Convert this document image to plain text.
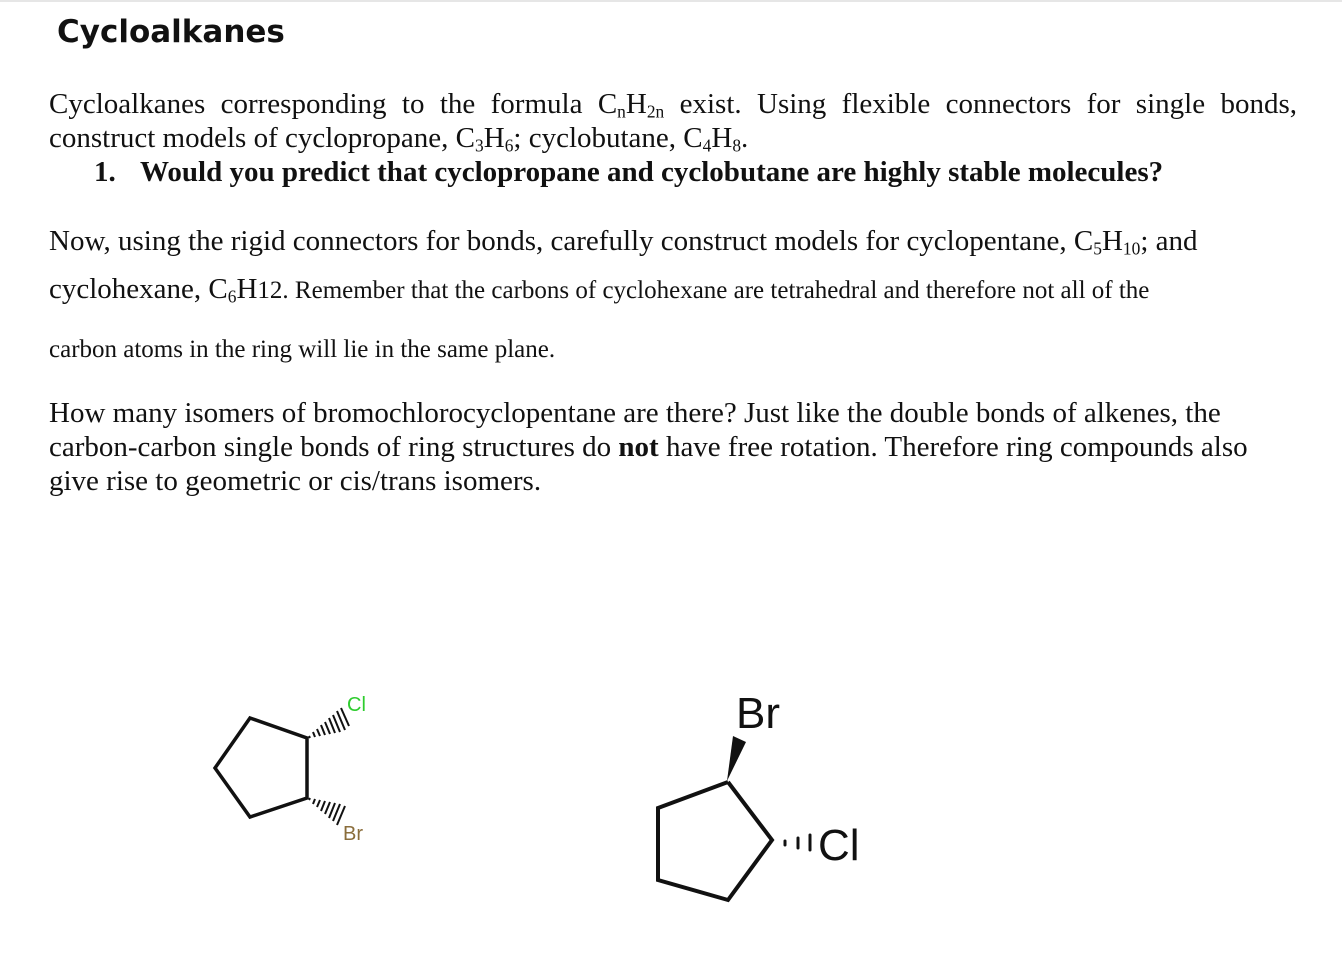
Cycloalkanes

Cycloalkanes corresponding to the formula $C_nH_{2n}$ exist. Using flexible connectors for single bonds, construct models of cyclopropane, $C_3H_6$; cyclobutane, $C_4H_8$.

1. Would you predict that cyclopropane and cyclobutane are highly stable molecules?

Now, using the rigid connectors for bonds, carefully construct models for cyclopentane, $C_5H_{10}$; and

cyclohexane, $C_6H12$. Remember that the carbons of cyclohexane are tetrahedral and therefore not all of the

carbon atoms in the ring will lie in the same plane.

How many isomers of bromochlorocyclopentane are there? Just like the double bonds of alkenes, the carbon-carbon single bonds of ring structures do not have free rotation. Therefore ring compounds also give rise to geometric or cis/trans isomers.

Cl
Br
Br
Cl
